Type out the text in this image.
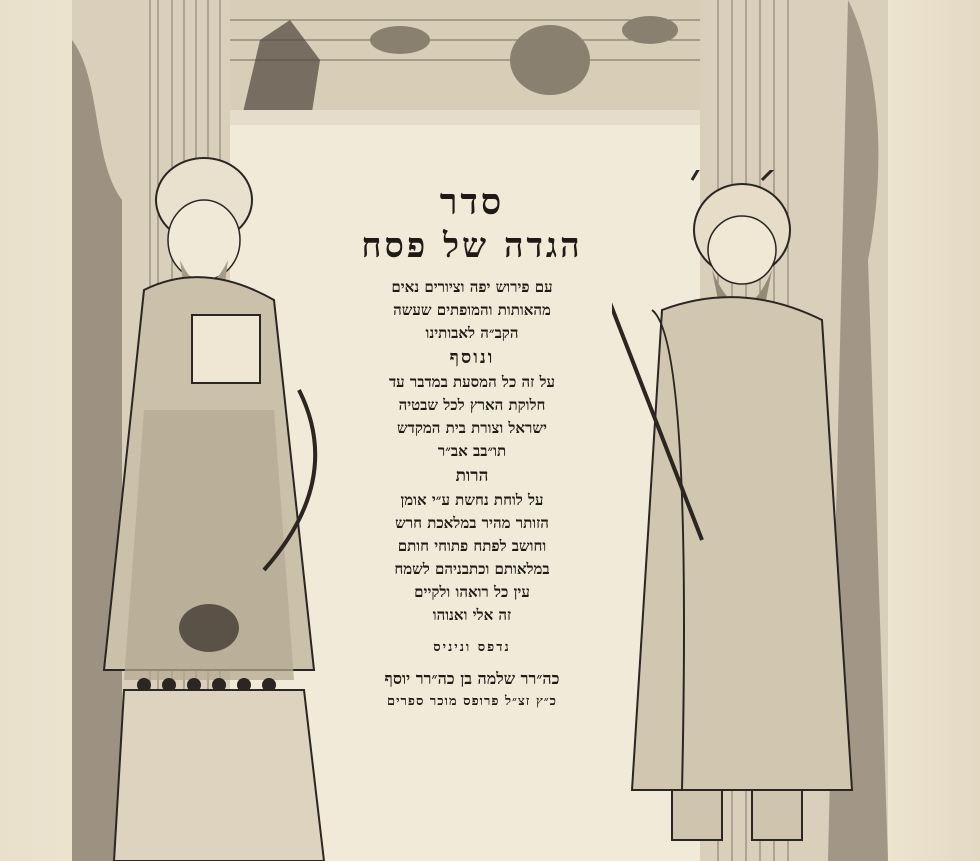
סדר
הגדה של פסח
עם פירוש יפה וציורים נאים
מהאותות והמופתים שעשה
הקב״ה לאבותינו
ונוסף
על זה כל המסעת במדבר עד
חלוקת הארץ לכל שבטיה
ישראל וצורת בית המקדש
תו״בב אב״ר
הרות
על לוחת נחשת ע״י אומן
הזותר מהיר במלאכת חרש
וחושב לפתח פתוחי חותם
במלאותם וכתבניהם לשמח
עין כל רואהו ולקיים
זה אלי ואנוהו
נדפס וניניס
כה״רר שלמה בן כה״רר יוסף
כ״ץ זצ״ל פרופס מוכר ספרים
